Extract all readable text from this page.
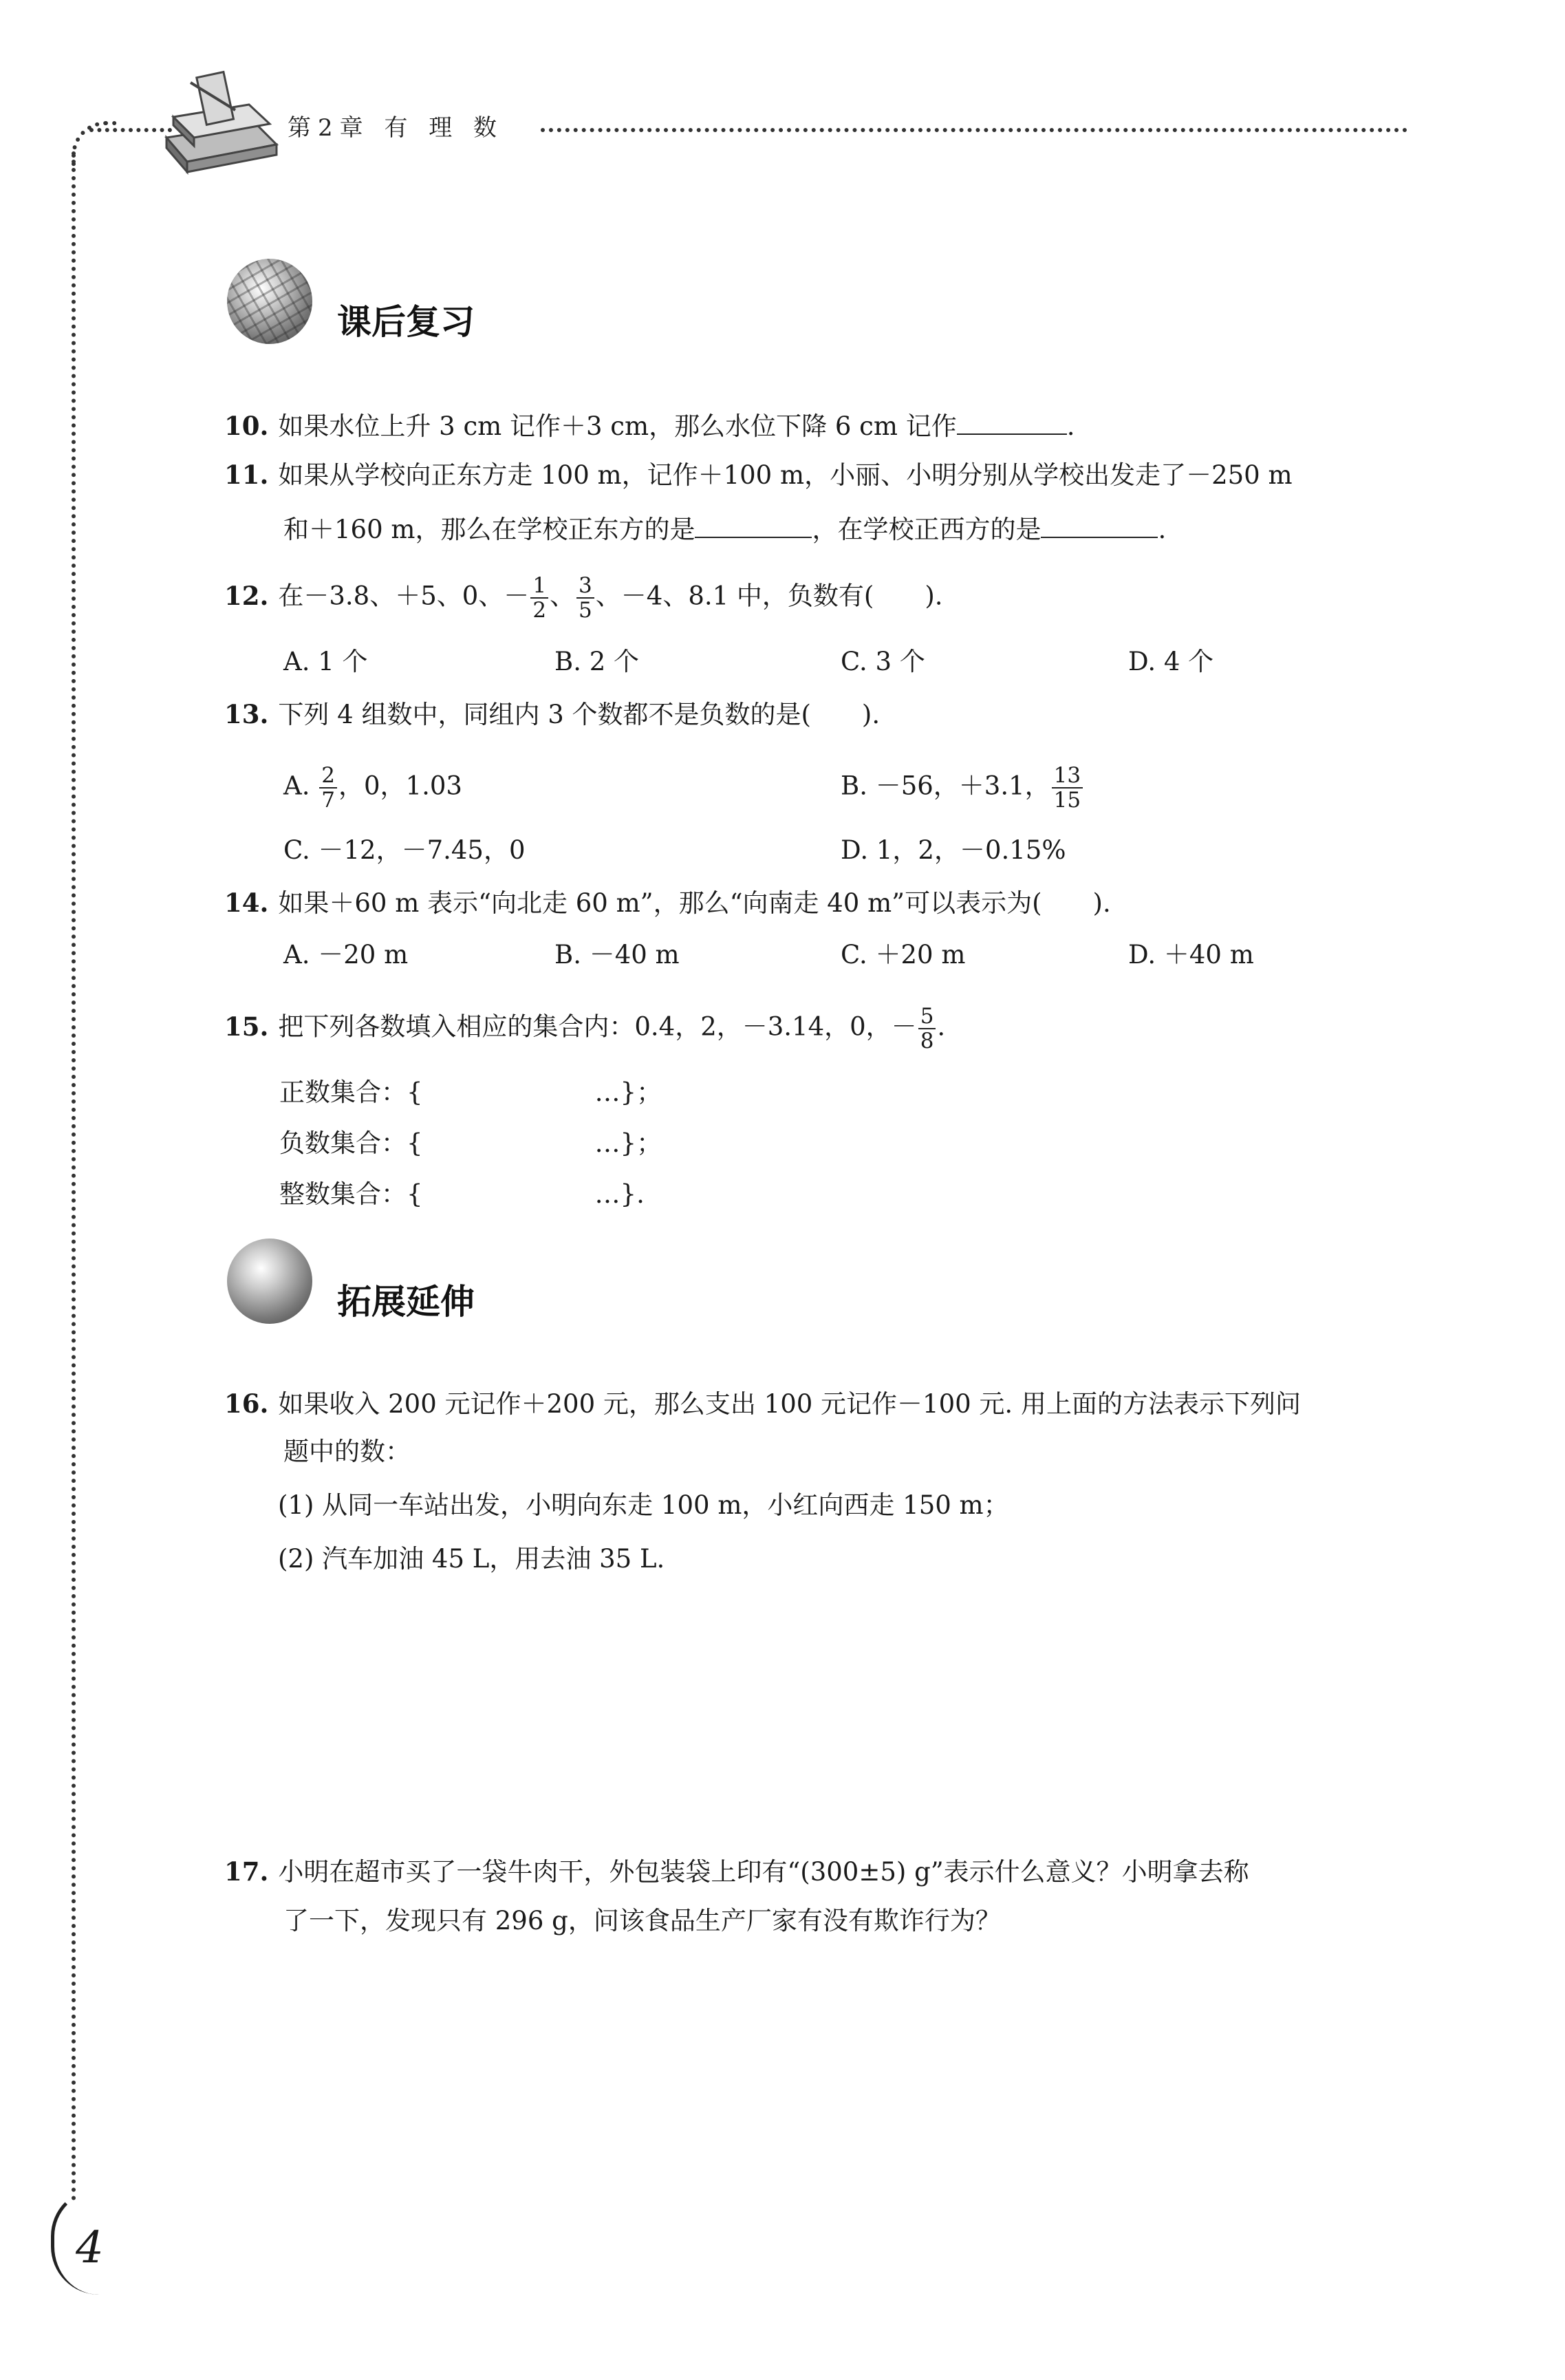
第2章 有 理 数
课后复习
10. 如果水位上升 3 cm 记作＋3 cm，那么水位下降 6 cm 记作	.
11. 如果从学校向正东方走 100 m，记作＋100 m，小丽、小明分别从学校出发走了－250 m
和＋160 m，那么在学校正东方的是	，在学校正西方的是	.
12. 在－3.8、＋5、0、－ $\frac{1}{2}$ 、 $\frac{3}{5}$ 、－4、8.1 中，负数有(　　).
A. 1 个	B. 2 个	C. 3 个	D. 4 个
13. 下列 4 组数中，同组内 3 个数都不是负数的是(　　).
A. $\frac{2}{7}$ ，0，1.03	B. －56，＋3.1， $\frac{13}{15}$
C. －12，－7.45，0	D. 1，2，－0.15%
14. 如果＋60 m 表示“向北走 60 m”，那么“向南走 40 m”可以表示为(　　).
A. －20 m	B. －40 m	C. ＋20 m	D. ＋40 m
15. 把下列各数填入相应的集合内：0.4，2，－3.14，0，－ $\frac{5}{8}$ .
正数集合：{	…}；
负数集合：{	…}；
整数集合：{	…}.
拓展延伸
16. 如果收入 200 元记作＋200 元，那么支出 100 元记作－100 元. 用上面的方法表示下列问
题中的数：
(1) 从同一车站出发，小明向东走 100 m，小红向西走 150 m；
(2) 汽车加油 45 L，用去油 35 L.
17. 小明在超市买了一袋牛肉干，外包装袋上印有“(300±5) g”表示什么意义？小明拿去称
了一下，发现只有 296 g，问该食品生产厂家有没有欺诈行为？
4
